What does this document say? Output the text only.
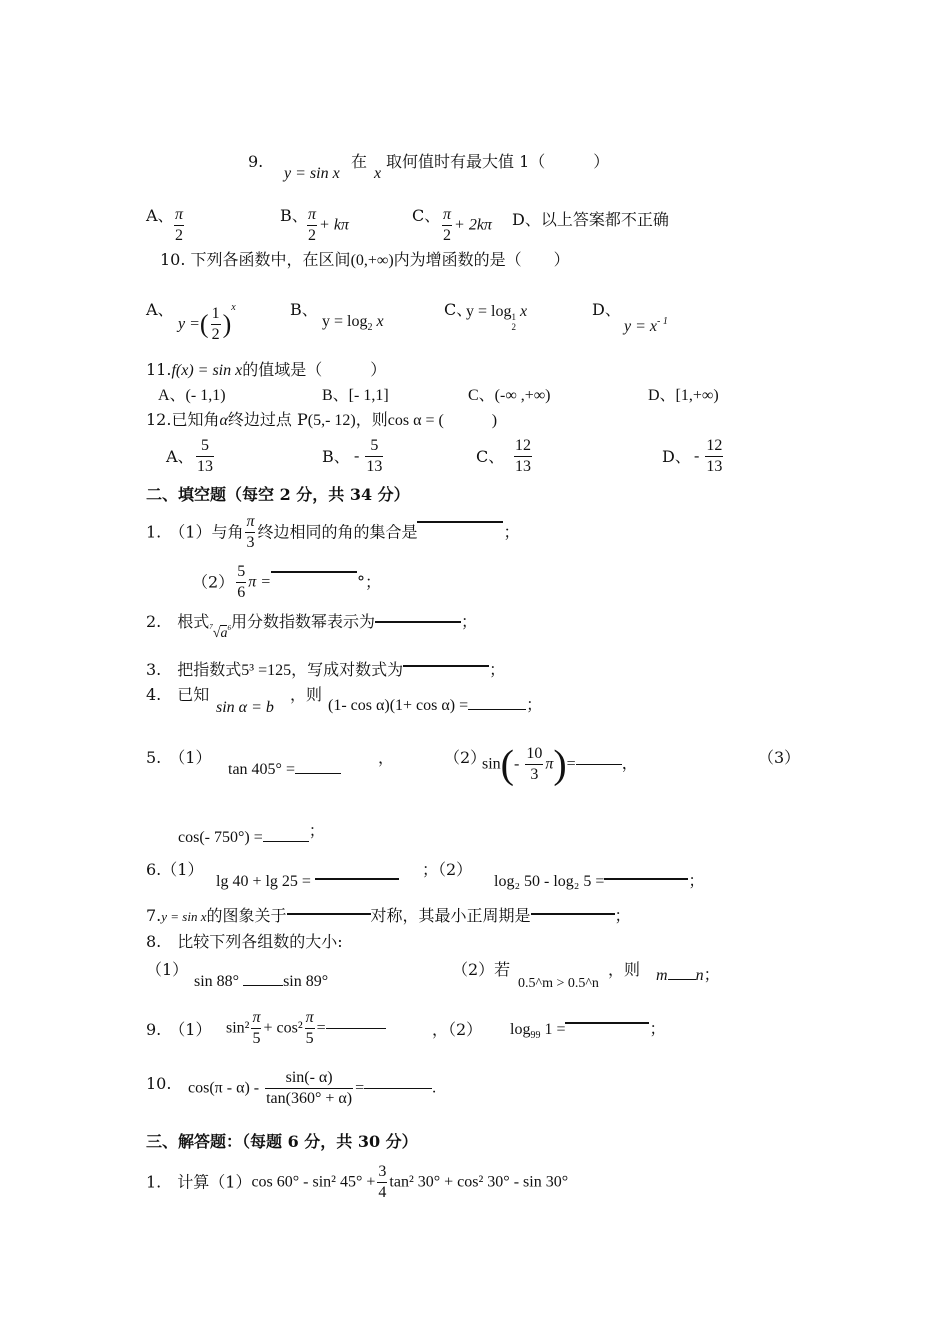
9.
y = sin x
在
x
取何值时有最大值 1（　　　）
A、 $\frac{\pi}{2}$	B、 $\frac{\pi}{2} + k\pi$	C、 $\frac{\pi}{2} + 2k\pi$ D、以上答案都不正确
10. 下列各函数中，在区间(0,+∞)内为增函数的是（　　）
A、
y =( $\frac{1}{2} )^x$	B、
$y = \log_2 x$
C、
y = log 1
2
x	D、
$y = x^{- 1}$
11.f(x) = sin x的值域是（　　　）
A、(- 1,1)	B、[- 1,1]	C、(-∞ ,+∞)	D、[1,+∞)
12.已知角α终边过点 P(5,- 12)，则cos α = (　　　)
A、 $\frac{5}{13}$	B、 - $\frac{5}{13}$	C、 $\frac{12}{13}$	D、 - $\frac{12}{13}$
二、填空题（每空 2 分，共 34 分）
1.　（1）与角 $\frac{\pi}{3}$ 终边相同的角的集合是	；
$(2) \frac{5}{6}$ π =	°；
2.　根式$^7√a^6$用分数指数幂表示为	；
3.　把指数式5³ =125，写成对数式为	；
4.　已知
sin α = b
，则
(1- cos α)(1+ cos α) =	；
5.　（1）
tan 405° =
，	（2）
$\sin(- \frac{10}{3} \pi)=$	，	（3）
cos(- 750°) =	；
6.（1）
lg 40 + lg 25 =
；（2）
log₂ 50 - log₂ 5 =	；
7.y = sin x的图象关于	对称，其最小正周期是	；
8.　比较下列各组数的大小:
（1）
sin 88°	sin 89°
（2）若
0.5^m > 0.5^n
，则 m n；
9.　（1） $\sin^2 \frac{\pi}{5} + \cos^2 \frac{\pi}{5}$ =	，（2） $\log_{99} 1$ =	；
10. $\cos(\pi - \alpha) - \frac{\sin(- \alpha)}{\tan(360^\circ + \alpha)}$ =	.
三、解答题：（每题 6 分，共 30 分）
1.　计算（1）cos 60° - sin² $45^\circ + \frac{3}{4} \tan^2$ 30° + cos² 30° - sin 30°
